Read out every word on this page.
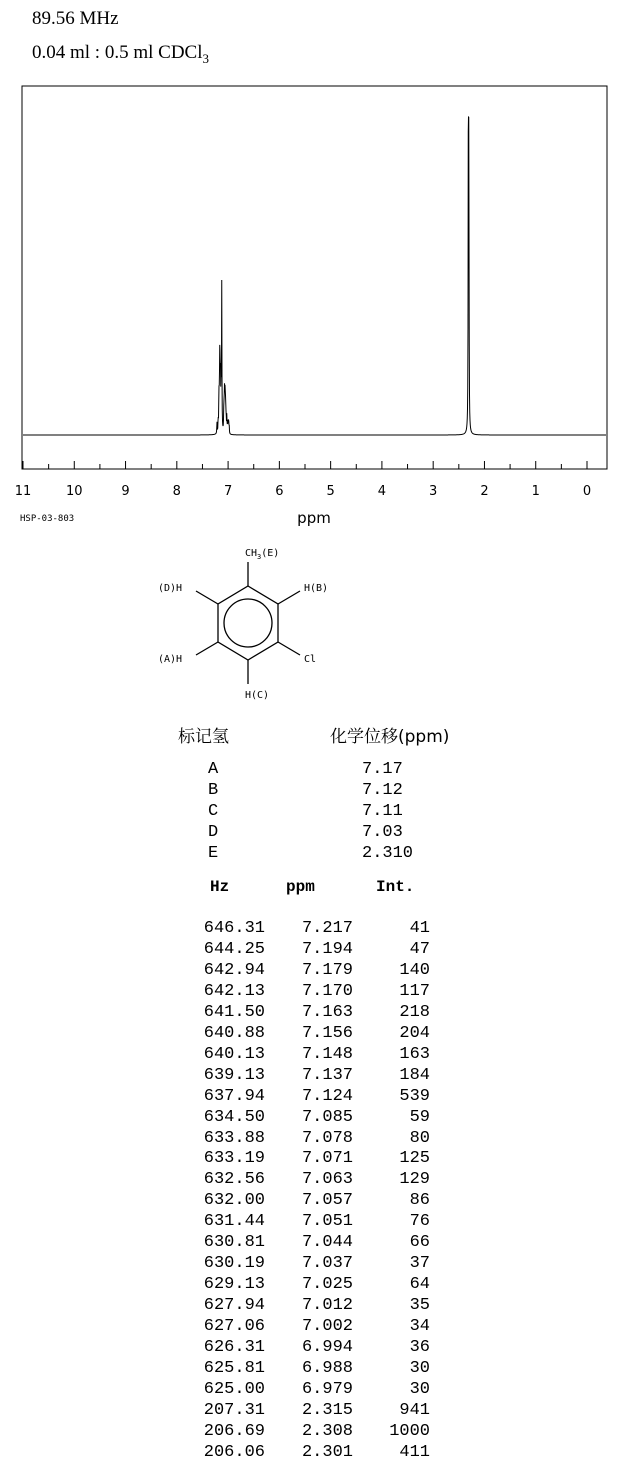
89.56 MHz
0.04 ml : 0.5 ml CDCl$_3$
11	10	9	8	7	6	5	4	3	2	1	0
ppm
HSP-03-803
$CH_3(E)$
(D)H	H(B)
(A)H	Cl
H(C)
标记氢	化学位移(ppm)
A	7.17
B	7.12
C	7.11
D	7.03
E	2.310
Hz	ppm	Int.
646.31	7.217	41
644.25	7.194	47
642.94	7.179	140
642.13	7.170	117
641.50	7.163	218
640.88	7.156	204
640.13	7.148	163
639.13	7.137	184
637.94	7.124	539
634.50	7.085	59
633.88	7.078	80
633.19	7.071	125
632.56	7.063	129
632.00	7.057	86
631.44	7.051	76
630.81	7.044	66
630.19	7.037	37
629.13	7.025	64
627.94	7.012	35
627.06	7.002	34
626.31	6.994	36
625.81	6.988	30
625.00	6.979	30
207.31	2.315	941
206.69	2.308	1000
206.06	2.301	411
